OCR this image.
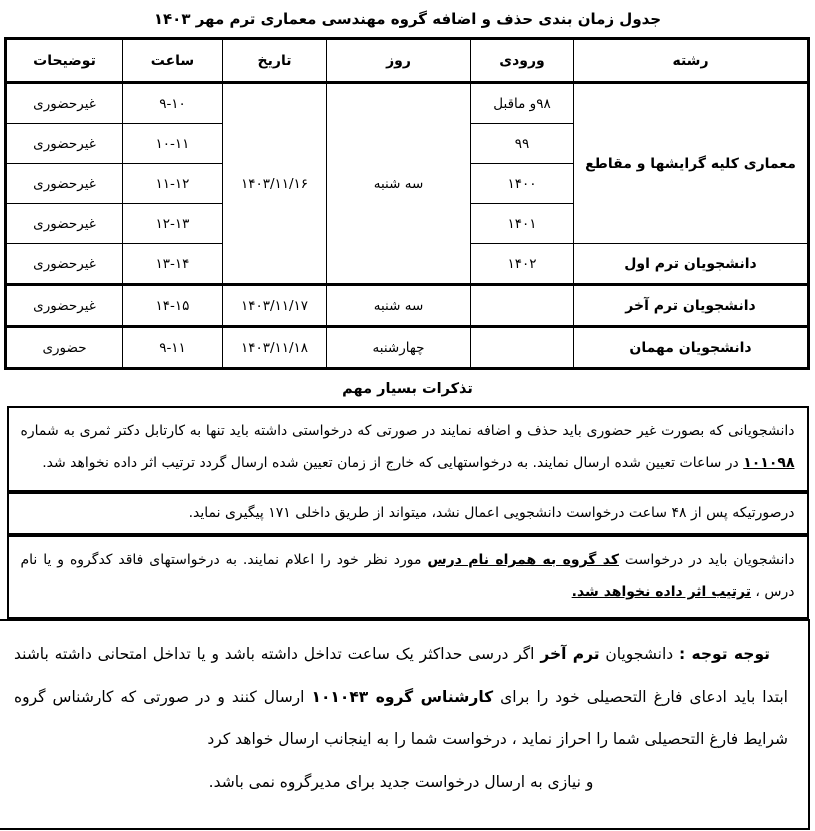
جدول زمان بندی حذف و اضافه گروه مهندسی معماری ترم مهر ۱۴۰۳
رشته	ورودی	روز	تاریخ	ساعت	توضیحات
معماری کلیه گرایشها و مقاطع	۹۸و ماقبل	سه شنبه	۱۴۰۳/۱۱/۱۶	۹-۱۰	غیرحضوری
	۹۹			۱۰-۱۱	غیرحضوری
	۱۴۰۰			۱۱-۱۲	غیرحضوری
	۱۴۰۱			۱۲-۱۳	غیرحضوری
دانشجویان ترم اول	۱۴۰۲			۱۳-۱۴	غیرحضوری
دانشجویان ترم آخر		سه شنبه	۱۴۰۳/۱۱/۱۷	۱۴-۱۵	غیرحضوری
دانشجویان مهمان		چهارشنبه	۱۴۰۳/۱۱/۱۸	۹-۱۱	حضوری
تذکرات بسیار مهم
دانشجویانی که بصورت غیر حضوری باید حذف و اضافه نمایند در صورتی که درخواستی داشته باید تنها به کارتابل دکتر ثمری به شماره ۱۰۱۰۹۸ در ساعات تعیین شده ارسال نمایند. به درخواستهایی که خارج از زمان تعیین شده ارسال گردد ترتیب اثر داده نخواهد شد.
درصورتیکه پس از ۴۸ ساعت درخواست دانشجویی اعمال نشد، میتواند از طریق داخلی ۱۷۱ پیگیری نماید.
دانشجویان باید در درخواست کد گروه به همراه نام درس مورد نظر خود را اعلام نمایند. به درخواستهای فاقد کدگروه و یا نام درس ، ترتیب اثر داده نخواهد شد.
توجه توجه : دانشجویان ترم آخر اگر درسی حداکثر یک ساعت تداخل داشته باشد و یا تداخل امتحانی داشته باشند ابتدا باید ادعای فارغ التحصیلی خود را برای کارشناس گروه ۱۰۱۰۴۳ ارسال کنند و در صورتی که کارشناس گروه شرایط فارغ التحصیلی شما را احراز نماید ، درخواست شما را به اینجانب ارسال خواهد کرد
و نیازی به ارسال درخواست جدید برای مدیرگروه نمی باشد.
